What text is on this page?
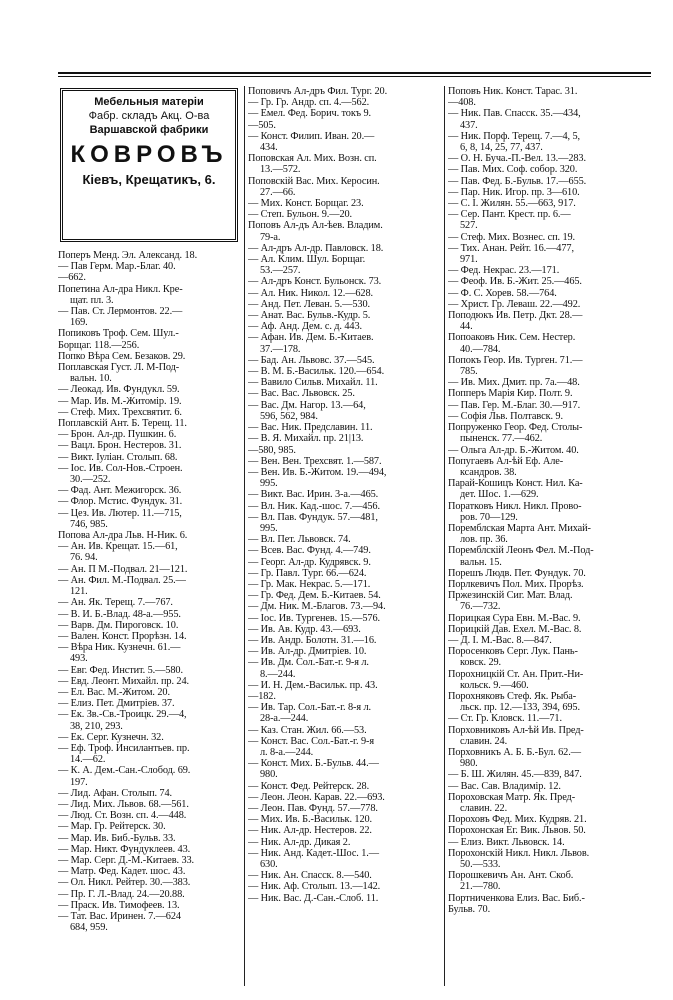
Мебельныя матеріи
Фабр. складъ Акц. О-ва
Варшавской фабрики
КОВРОВЪ
Кіевъ, Крещатикъ, 6.
Поперъ Менд. Эл. Александ. 18.
— Пав Герм. Мар.-Благ. 40.
—662.
Попетина Ал-дра Никл. Кре-
щат. пл. 3.
— Пав. Ст. Лермонтов. 22.—
169.
Попиковъ Троф. Сем. Шул.-
Борщаг. 118.—256.
Попко Вѣра Сем. Безаков. 29.
Поплавская Густ. Л. М-Под-
вальн. 10.
— Леокад. Ив. Фундукл. 59.
— Мар. Ив. М.-Житомір. 19.
— Стеф. Мих. Трехсвятит. 6.
Поплавскій Ант. Б. Терещ. 11.
— Брон. Ал-др. Пушкин. 6.
— Вацл. Брон. Нестеров. 31.
— Викт. Іуліан. Столып. 68.
— Іос. Ив. Сол-Нов.-Строен.
30.—252.
— Фад. Ант. Межигорск. 36.
— Флор. Мстис. Фундук. 31.
— Цез. Ив. Лютер. 11.—715,
746, 985.
Попова Ал-дра Льв. Н-Ник. 6.
— Ан. Ив. Крещат. 15.—61,
76. 94.
— Ан. П М.-Подвал. 21—121.
— Ан. Фил. М.-Подвал. 25.—
121.
— Ан. Як. Терещ. 7.—767.
— В. И. Б.-Влад. 48-а.—955.
— Варв. Дм. Пироговск. 10.
— Вален. Конст. Прорѣзн. 14.
— Вѣра Ник. Кузнечн. 61.—
493.
— Евг. Фед. Инстит. 5.—580.
— Евд. Леонт. Михайл. пр. 24.
— Ел. Вас. М.-Житом. 20.
— Елиз. Пет. Дмитріев. 37.
— Ек. Зв.-Св.-Троицк. 29.—4,
38, 210, 293.
— Ек. Серг. Кузнечн. 32.
— Еф. Троф. Инсилантьев. пр.
14.—62.
— К. А. Дем.-Сан.-Слобод. 69.
197.
— Лид. Афан. Столып. 74.
— Лид. Мих. Львов. 68.—561.
— Люд. Ст. Возн. сп. 4.—448.
— Мар. Гр. Рейтерск. 30.
— Мар. Ив. Биб.-Бульв. 33.
— Мар. Никт. Фундуклеев. 43.
— Мар. Серг. Д.-М.-Китаев. 33.
— Матр. Фед. Кадет. шос. 43.
— Ол. Никл. Рейтер. 30.—383.
— Пр. Г. Л.-Влад. 24.—20.88.
— Праск. Ив. Тимофеев. 13.
— Тат. Вас. Иринен. 7.—624
684, 959.
Поповичъ Ал-дръ Фил. Тург. 20.
— Гр. Гр. Андр. сп. 4.—562.
— Емел. Фед. Борич. токъ 9.
—505.
— Конст. Филип. Иван. 20.—
434.
Поповская Ал. Мих. Возн. сп.
13.—572.
Поповскій Вас. Мих. Керосин.
27.—66.
— Мих. Конст. Борщаг. 23.
— Степ. Бульон. 9.—20.
Поповъ Ал-дъ Ал-ѣев. Владим.
79-а.
— Ал-дръ Ал-др. Павловск. 18.
— Ал. Клим. Шул. Борщаг.
53.—257.
— Ал-дръ Конст. Бульонск. 73.
— Ал. Ник. Никол. 12.—628.
— Анд. Пет. Леван. 5.—530.
— Анат. Вас. Бульв.-Кудр. 5.
— Аф. Анд. Дем. с. д. 443.
— Афан. Ив. Дем. Б.-Китаев.
37.—178.
— Бад. Ан. Львовс. 37.—545.
— В. М. Б.-Васильк. 120.—654.
— Вавило Сильв. Михайл. 11.
— Вас. Вас. Львовск. 25.
— Вас. Дм. Нагор. 13.—64,
596, 562, 984.
— Вас. Ник. Предславин. 11.
— В. Я. Михайл. пр. 21|13.
—580, 985.
— Вен. Вен. Трехсвят. 1.—587.
— Вен. Ив. Б.-Житом. 19.—494,
995.
— Викт. Вас. Ирин. 3-а.—465.
— Вл. Ник. Кад.-шос. 7.—456.
— Вл. Пав. Фундук. 57.—481,
995.
— Вл. Пет. Львовск. 74.
— Всев. Вас. Фунд. 4.—749.
— Георг. Ал-др. Кудрявск. 9.
— Гр. Павл. Тург. 66.—624.
— Гр. Мак. Некрас. 5.—171.
— Гр. Фед. Дем. Б.-Китаев. 54.
— Дм. Ник. М.-Благов. 73.—94.
— Іос. Ив. Тургенев. 15.—576.
— Ив. Ав. Кудр. 43.—693.
— Ив. Андр. Болотн. 31.—16.
— Ив. Ал-др. Дмитріев. 10.
— Ив. Дм. Сол.-Бат.-г. 9-я л.
8.—244.
— И. Н. Дем.-Васильк. пр. 43.
—182.
— Ив. Тар. Сол.-Бат.-г. 8-я л.
28-а.—244.
— Каз. Стан. Жил. 66.—53.
— Конст. Вас. Сол.-Бат.-г. 9-я
л. 8-а.—244.
— Конст. Мих. Б.-Бульв. 44.—
980.
— Конст. Фед. Рейтерск. 28.
— Леон. Леон. Карав. 22.—693.
— Леон. Пав. Фунд. 57.—778.
— Мих. Ив. Б.-Васильк. 120.
— Ник. Ал-др. Нестеров. 22.
— Ник. Ал-др. Дикая 2.
— Ник. Анд. Кадет.-Шос. 1.—
630.
— Ник. Ан. Спасск. 8.—540.
— Ник. Аф. Столып. 13.—142.
— Ник. Вас. Д.-Сан.-Слоб. 11.
Поповъ Ник. Конст. Тарас. 31.
—408.
— Ник. Пав. Спасск. 35.—434,
437.
— Ник. Порф. Терещ. 7.—4, 5,
6, 8, 14, 25, 77, 437.
— О. Н. Буча.-П.-Вел. 13.—283.
— Пав. Мих. Соф. собор. 320.
— Пав. Фед. Б.-Бульв. 17.—655.
— Пар. Ник. Игор. пр. 3—610.
— С. І. Жилян. 55.—663, 917.
— Сер. Пант. Крест. пр. 6.—
527.
— Стеф. Мих. Вознес. сп. 19.
— Тих. Анан. Рейт. 16.—477,
971.
— Фед. Некрас. 23.—171.
— Феоф. Ив. Б.-Жит. 25.—465.
— Ф. С. Хорев. 58.—764.
— Христ. Гр. Леваш. 22.—492.
Поподюкъ Ив. Петр. Дкт. 28.—
44.
Попоаковъ Ник. Сем. Нестер.
40.—784.
Попокъ Геор. Ив. Турген. 71.—
785.
— Ив. Мих. Дмит. пр. 7а.—48.
Попперъ Марія Кир. Полт. 9.
— Пав. Гер. М.-Благ. 30.—917.
— Софія Льв. Полтавск. 9.
Попруженко Геор. Фед. Столы-
пыненск. 77.—462.
— Ольга Ал-др. Б.-Житом. 40.
Попугаевъ Ал-ѣй Еф. Але-
ксандров. 38.
Парай-Кошицъ Конст. Нил. Ка-
дет. Шос. 1.—629.
Поратковъ Никл. Никл. Прово-
ров. 70—129.
Поремблская Марта Ант. Михай-
лов. пр. 36.
Поремблскій Леонъ Фел. М.-Под-
вальн. 15.
Порешъ Людв. Пет. Фундук. 70.
Порлкевичъ Пол. Мих. Прорѣз.
Пржезинскій Сиг. Мат. Влад.
76.—732.
Порицкая Сура Евн. М.-Вас. 9.
Порицкій Дав. Ехел. М.-Вас. 8.
— Д. І. М.-Вас. 8.—847.
Поросенковъ Серг. Лук. Пань-
ковск. 29.
Порохницкій Ст. Ан. Прит.-Ни-
кольск. 9.—460.
Порохняковъ Стеф. Як. Рыба-
льск. пр. 12.—133, 394, 695.
— Ст. Гр. Кловск. 11.—71.
Порховниковъ Ал-ѣй Ив. Пред-
славин. 24.
Порховникъ А. Б. Б.-Бул. 62.—
980.
— Б. Ш. Жилян. 45.—839, 847.
— Вас. Сав. Владимір. 12.
Пороховская Матр. Як. Пред-
славин. 22.
Пороховъ Фед. Мих. Кудряв. 21.
Порохонская Ег. Вик. Львов. 50.
— Елиз. Викт. Львовск. 14.
Порохонскій Никл. Никл. Львов.
50.—533.
Порошкевичъ Ан. Ант. Скоб.
21.—780.
Портниченкова Елиз. Вас. Биб.-
Бульв. 70.
